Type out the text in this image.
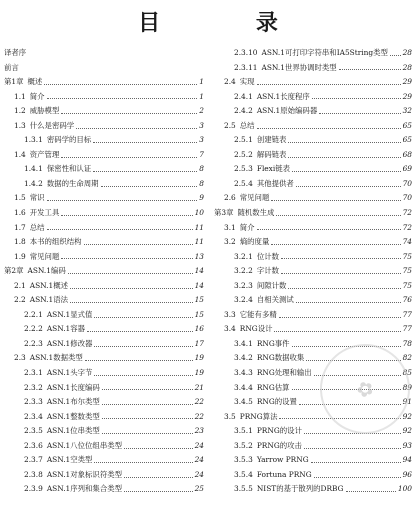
目 录
译者序
前言
第1章 概述	1
1.1 简介	1
1.2 威胁模型	2
1.3 什么是密码学	3
1.3.1 密码学的目标	3
1.4 资产管理	7
1.4.1 保密性和认证	8
1.4.2 数据的生命周期	8
1.5 常识	9
1.6 开发工具	10
1.7 总结	11
1.8 本书的组织结构	11
1.9 常见问题	13
第2章 ASN.1编码	14
2.1 ASN.1概述	14
2.2 ASN.1语法	15
2.2.1 ASN.1显式值	15
2.2.2 ASN.1容器	16
2.2.3 ASN.1修改器	17
2.3 ASN.1数据类型	19
2.3.1 ASN.1头字节	19
2.3.2 ASN.1长度编码	21
2.3.3 ASN.1布尔类型	22
2.3.4 ASN.1整数类型	22
2.3.5 ASN.1位串类型	23
2.3.6 ASN.1八位位组串类型	24
2.3.7 ASN.1空类型	24
2.3.8 ASN.1对象标识符类型	24
2.3.9 ASN.1序列和集合类型	25
2.3.10 ASN.1可打印字符串和IA5String类型 28
2.3.11 ASN.1世界协调时类型	28
2.4 实现	29
2.4.1 ASN.1长度程序	29
2.4.2 ASN.1原始编码器	32
2.5 总结	65
2.5.1 创建链表	65
2.5.2 解码链表	68
2.5.3 Flexi链表	69
2.5.4 其他提供者	70
2.6 常见问题	70
第3章 随机数生成	72
3.1 简介	72
3.2 熵的度量	74
3.2.1 位计数	75
3.2.2 字计数	75
3.2.3 间隙计数	75
3.2.4 自相关测试	76
3.3 它能有多精	77
3.4 RNG设计	77
3.4.1 RNG事件	78
3.4.2 RNG数据收集	82
3.4.3 RNG处理和输出	85
3.4.4 RNG估算	89
3.4.5 RNG的设置	91
3.5 PRNG算法	92
3.5.1 PRNG的设计	92
3.5.2 PRNG的攻击	93
3.5.3 Yarrow PRNG	94
3.5.4 Fortuna PRNG	96
3.5.5 NIST的基于散列的DRBG	100
✿
